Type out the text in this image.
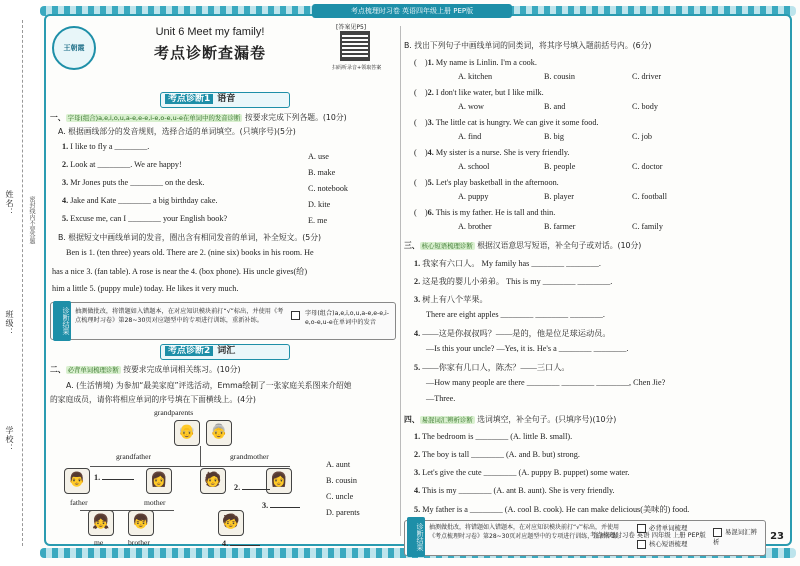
姓名：
班级：
学校：
密封线内不要答题
考点梳理时习卷 英语四年级上册 PEP版
王朝霞
Unit 6 Meet my family!
考点诊断查漏卷
[答案见P5]
扫码听录音+领取答案
考点诊断1 语音
一、 字母(组合)a,e,i,o,u,a-e,e-e,i-e,o-e,u-e在单词中的发音诊断 按要求完成下列各题。(10分)
A. 根据画线部分的发音规则，选择合适的单词填空。(只填序号)(5分)
1. I like to fly a ________.
2. Look at ________. We are happy!
3. Mr Jones puts the ________ on the desk.
4. Jake and Kate ________ a big birthday cake.
5. Excuse me, can I ________ your English book?
A. use
B. make
C. notebook
D. kite
E. me
B. 根据短文中画线单词的发音，圈出含有相同发音的单词，补全短文。(5分)
Ben is 1. (ten three) years old. There are 2. (nine six) books in his room. He
has a nice 3. (fan table). A rose is near the 4. (box phone). His uncle gives(给)
him a little 5. (puppy mule) today. He likes it very much.
诊断结果 抽测做批改，将错题如入错题本，在对应知识模块前打“√”标出，并使用《考点梳理时习卷》第28~30页对应题型中的专项进行训练，重新补练。
字母(组合)a,e,i,o,u,a-e,e-e,i-e,o-e,u-e在单词中的发音
考点诊断2 词汇
二、 必背单词梳理诊断 按要求完成单词相关练习。(10分)
A. (生活情境) 为参加“最美家庭”评选活动，Emma绘制了一张家庭关系图来介绍她
的家庭成员，请你将相应单词的序号填在下面横线上。(4分)
👴	👵
grandparents
grandfather	grandmother
👨	👩	🧑	👩
1.
2.
3.
father	mother
👧	👦	🧒
me	brother	4.
A. aunt
B. cousin
C. uncle
D. parents
B. 找出下列句子中画线单词的同类词，将其序号填入题前括号内。(6分)
(    )1. My name is Linlin. I'm a cook.
A. kitchen	B. cousin	C. driver
(    )2. I don't like water, but I like milk.
A. wow	B. and	C. body
(    )3. The little cat is hungry. We can give it some food.
A. find	B. big	C. job
(    )4. My sister is a nurse. She is very friendly.
A. school	B. people	C. doctor
(    )5. Let's play basketball in the afternoon.
A. puppy	B. player	C. football
(    )6. This is my father. He is tall and thin.
A. brother	B. farmer	C. family
三、 核心短语梳理诊断 根据汉语意思写短语，补全句子或对话。(10分)
1. 我家有六口人。 My family has ________ ________.
2. 这是我的婴儿小弟弟。 This is my ________ ________.
3. 树上有八个苹果。
There are eight apples ________ ________ ________.
4. ——这是你叔叔吗？——是的，他是位足球运动员。
—Is this your uncle? —Yes, it is. He's a ________ ________.
5. ——你家有几口人，陈杰？——三口人。
—How many people are there ________ ________ ________, Chen Jie?
—Three.
四、 易混词汇辨析诊断 选词填空，补全句子。(只填序号)(10分)
1. The bedroom is ________ (A. little B. small).
2. The boy is tall ________ (A. and B. but) strong.
3. Let's give the cute ________ (A. puppy B. puppet) some water.
4. This is my ________ (A. ant B. aunt). She is very friendly.
5. My father is a ________ (A. cool B. cook). He can make delicious(美味的) food.
诊断结果 抽测做批改，将错题如入错题本，在对应知识模块前打“√”标出，并使用《考点梳理时习卷》第28~30页对应题型中的专项进行训练，重新补练。
必背单词梳理
核心短语梳理
易混词汇辨析
考点梳理时习卷 英语 四年级 上册 PEP版	23
